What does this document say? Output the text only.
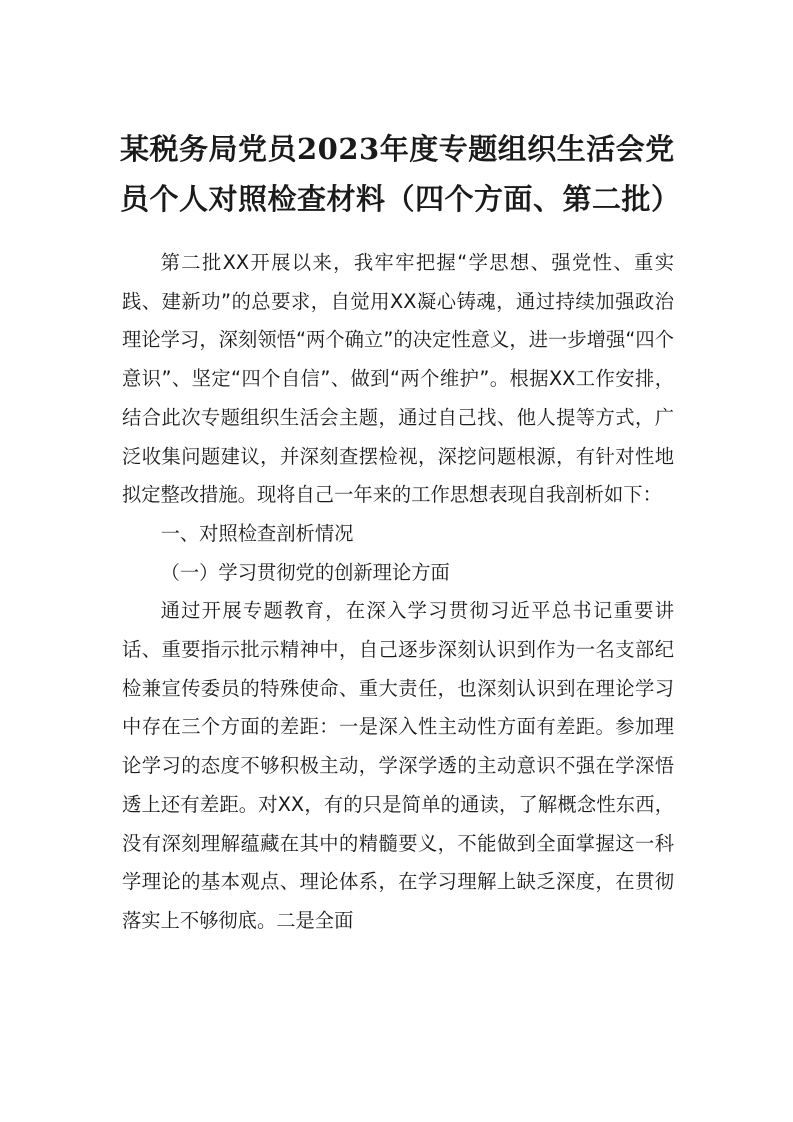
某税务局党员2023年度专题组织生活会党员个人对照检查材料（四个方面、第二批）

第二批XX开展以来，我牢牢把握“学思想、强党性、重实践、建新功”的总要求，自觉用XX凝心铸魂，通过持续加强政治理论学习，深刻领悟“两个确立”的决定性意义，进一步增强“四个意识”、坚定“四个自信”、做到“两个维护”。根据XX工作安排，结合此次专题组织生活会主题，通过自己找、他人提等方式，广泛收集问题建议，并深刻查摆检视，深挖问题根源，有针对性地拟定整改措施。现将自己一年来的工作思想表现自我剖析如下：

一、对照检查剖析情况

（一）学习贯彻党的创新理论方面

通过开展专题教育，在深入学习贯彻习近平总书记重要讲话、重要指示批示精神中，自己逐步深刻认识到作为一名支部纪检兼宣传委员的特殊使命、重大责任，也深刻认识到在理论学习中存在三个方面的差距：一是深入性主动性方面有差距。参加理论学习的态度不够积极主动，学深学透的主动意识不强在学深悟透上还有差距。对XX，有的只是简单的通读，了解概念性东西，没有深刻理解蕴藏在其中的精髓要义，不能做到全面掌握这一科学理论的基本观点、理论体系，在学习理解上缺乏深度，在贯彻落实上不够彻底。二是全面
